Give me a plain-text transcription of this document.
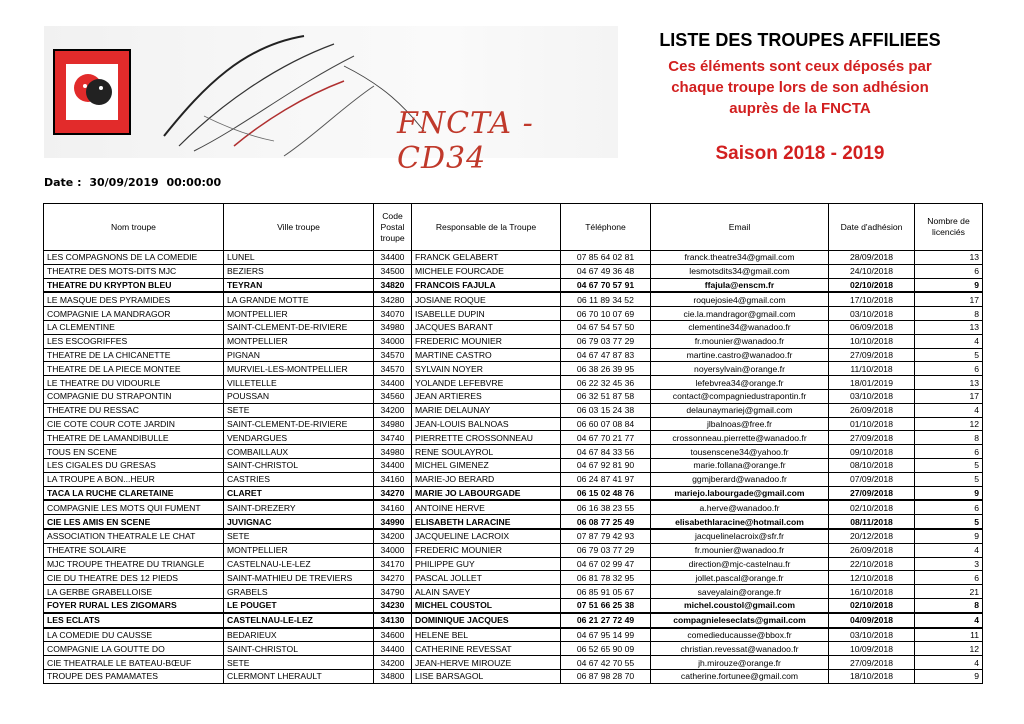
FNCTA - CD34
LISTE DES TROUPES AFFILIEES
Ces éléments sont ceux déposés par
chaque troupe lors de son adhésion
auprès de la FNCTA
Saison 2018 - 2019
Date : 30/09/2019 00:00:00
Nom troupe	Ville troupe	Code Postal troupe	Responsable de la Troupe	Téléphone	Email	Date d'adhésion	Nombre de licenciés
LES COMPAGNONS DE LA COMEDIE	LUNEL	34400	FRANCK GELABERT	07 85 64 02 81	franck.theatre34@gmail.com	28/09/2018	13
THEATRE DES MOTS-DITS MJC	BEZIERS	34500	MICHELE FOURCADE	04 67 49 36 48	lesmotsdits34@gmail.com	24/10/2018	6
THEATRE DU KRYPTON BLEU	TEYRAN	34820	FRANCOIS FAJULA	04 67 70 57 91	ffajula@enscm.fr	02/10/2018	9
LE MASQUE DES PYRAMIDES	LA GRANDE MOTTE	34280	JOSIANE ROQUE	06 11 89 34 52	roquejosie4@gmail.com	17/10/2018	17
COMPAGNIE LA MANDRAGOR	MONTPELLIER	34070	ISABELLE DUPIN	06 70 10 07 69	cie.la.mandragor@gmail.com	03/10/2018	8
LA CLEMENTINE	SAINT-CLEMENT-DE-RIVIERE	34980	JACQUES BARANT	04 67 54 57 50	clementine34@wanadoo.fr	06/09/2018	13
LES ESCOGRIFFES	MONTPELLIER	34000	FREDERIC MOUNIER	06 79 03 77 29	fr.mounier@wanadoo.fr	10/10/2018	4
THEATRE DE LA CHICANETTE	PIGNAN	34570	MARTINE CASTRO	04 67 47 87 83	martine.castro@wanadoo.fr	27/09/2018	5
THEATRE DE LA PIECE MONTEE	MURVIEL-LES-MONTPELLIER	34570	SYLVAIN NOYER	06 38 26 39 95	noyersylvain@orange.fr	11/10/2018	6
LE THEATRE DU VIDOURLE	VILLETELLE	34400	YOLANDE LEFEBVRE	06 22 32 45 36	lefebvrea34@orange.fr	18/01/2019	13
COMPAGNIE DU STRAPONTIN	POUSSAN	34560	JEAN ARTIERES	06 32 51 87 58	contact@compagniedustrapontin.fr	03/10/2018	17
THEATRE DU RESSAC	SETE	34200	MARIE DELAUNAY	06 03 15 24 38	delaunaymariej@gmail.com	26/09/2018	4
CIE COTE COUR COTE JARDIN	SAINT-CLEMENT-DE-RIVIERE	34980	JEAN-LOUIS BALNOAS	06 60 07 08 84	jlbalnoas@free.fr	01/10/2018	12
THEATRE DE LAMANDIBULLE	VENDARGUES	34740	PIERRETTE CROSSONNEAU	04 67 70 21 77	crossonneau.pierrette@wanadoo.fr	27/09/2018	8
TOUS EN SCENE	COMBAILLAUX	34980	RENE SOULAYROL	04 67 84 33 56	tousenscene34@yahoo.fr	09/10/2018	6
LES CIGALES DU GRESAS	SAINT-CHRISTOL	34400	MICHEL GIMENEZ	04 67 92 81 90	marie.follana@orange.fr	08/10/2018	5
LA TROUPE A BON...HEUR	CASTRIES	34160	MARIE-JO BERARD	06 24 87 41 97	ggmjberard@wanadoo.fr	07/09/2018	5
TACA LA RUCHE CLARETAINE	CLARET	34270	MARIE JO LABOURGADE	06 15 02 48 76	mariejo.labourgade@gmail.com	27/09/2018	9
COMPAGNIE LES MOTS QUI FUMENT	SAINT-DREZERY	34160	ANTOINE HERVE	06 16 38 23 55	a.herve@wanadoo.fr	02/10/2018	6
CIE LES AMIS EN SCENE	JUVIGNAC	34990	ELISABETH LARACINE	06 08 77 25 49	elisabethlaracine@hotmail.com	08/11/2018	5
ASSOCIATION THEATRALE LE CHAT	SETE	34200	JACQUELINE LACROIX	07 87 79 42 93	jacquelinelacroix@sfr.fr	20/12/2018	9
THEATRE SOLAIRE	MONTPELLIER	34000	FREDERIC MOUNIER	06 79 03 77 29	fr.mounier@wanadoo.fr	26/09/2018	4
MJC TROUPE THEATRE DU TRIANGLE	CASTELNAU-LE-LEZ	34170	PHILIPPE GUY	04 67 02 99 47	direction@mjc-castelnau.fr	22/10/2018	3
CIE DU THEATRE DES 12 PIEDS	SAINT-MATHIEU DE TREVIERS	34270	PASCAL JOLLET	06 81 78 32 95	jollet.pascal@orange.fr	12/10/2018	6
LA GERBE GRABELLOISE	GRABELS	34790	ALAIN SAVEY	06 85 91 05 67	saveyalain@orange.fr	16/10/2018	21
FOYER RURAL LES ZIGOMARS	LE POUGET	34230	MICHEL COUSTOL	07 51 66 25 38	michel.coustol@gmail.com	02/10/2018	8
LES ECLATS	CASTELNAU-LE-LEZ	34130	DOMINIQUE JACQUES	06 21 27 72 49	compagnieleseclats@gmail.com	04/09/2018	4
LA COMEDIE DU CAUSSE	BEDARIEUX	34600	HELENE BEL	04 67 95 14 99	comedieducausse@bbox.fr	03/10/2018	11
COMPAGNIE LA GOUTTE DO	SAINT-CHRISTOL	34400	CATHERINE REVESSAT	06 52 65 90 09	christian.revessat@wanadoo.fr	10/09/2018	12
CIE THEATRALE LE BATEAU-BŒUF	SETE	34200	JEAN-HERVE MIROUZE	04 67 42 70 55	jh.mirouze@orange.fr	27/09/2018	4
TROUPE DES PAMAMATES	CLERMONT LHERAULT	34800	LISE BARSAGOL	06 87 98 28 70	catherine.fortunee@gmail.com	18/10/2018	9
